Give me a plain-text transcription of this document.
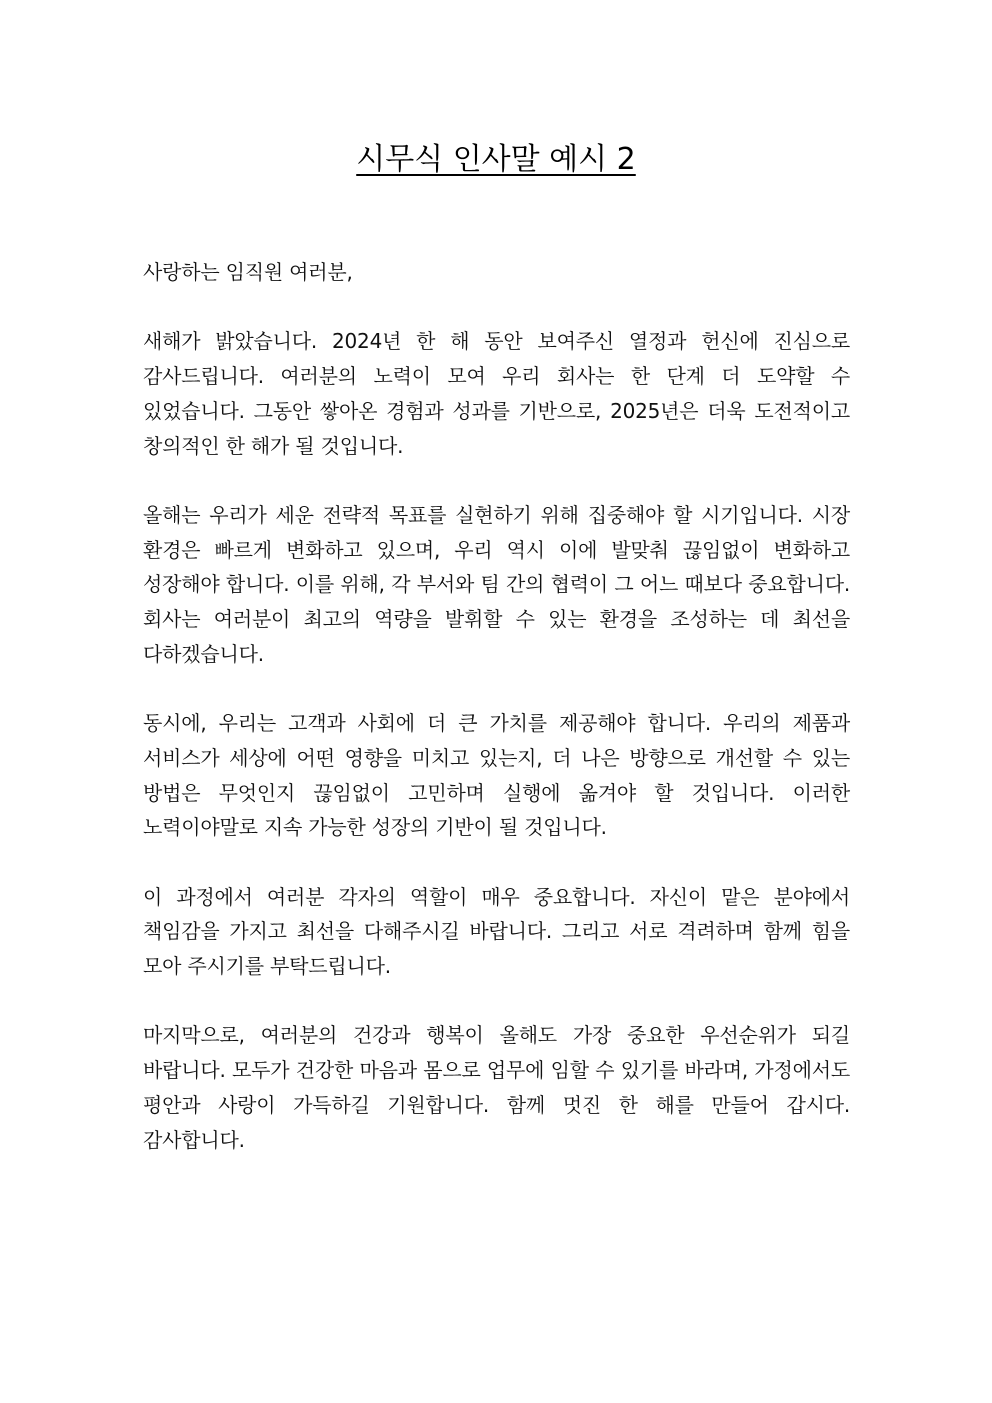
시무식 인사말 예시 2

사랑하는 임직원 여러분,

새해가 밝았습니다. 2024년 한 해 동안 보여주신 열정과 헌신에 진심으로 감사드립니다. 여러분의 노력이 모여 우리 회사는 한 단계 더 도약할 수 있었습니다. 그동안 쌓아온 경험과 성과를 기반으로, 2025년은 더욱 도전적이고 창의적인 한 해가 될 것입니다.

올해는 우리가 세운 전략적 목표를 실현하기 위해 집중해야 할 시기입니다. 시장 환경은 빠르게 변화하고 있으며, 우리 역시 이에 발맞춰 끊임없이 변화하고 성장해야 합니다. 이를 위해, 각 부서와 팀 간의 협력이 그 어느 때보다 중요합니다. 회사는 여러분이 최고의 역량을 발휘할 수 있는 환경을 조성하는 데 최선을 다하겠습니다.

동시에, 우리는 고객과 사회에 더 큰 가치를 제공해야 합니다. 우리의 제품과 서비스가 세상에 어떤 영향을 미치고 있는지, 더 나은 방향으로 개선할 수 있는 방법은 무엇인지 끊임없이 고민하며 실행에 옮겨야 할 것입니다. 이러한 노력이야말로 지속 가능한 성장의 기반이 될 것입니다.

이 과정에서 여러분 각자의 역할이 매우 중요합니다. 자신이 맡은 분야에서 책임감을 가지고 최선을 다해주시길 바랍니다. 그리고 서로 격려하며 함께 힘을 모아 주시기를 부탁드립니다.

마지막으로, 여러분의 건강과 행복이 올해도 가장 중요한 우선순위가 되길 바랍니다. 모두가 건강한 마음과 몸으로 업무에 임할 수 있기를 바라며, 가정에서도 평안과 사랑이 가득하길 기원합니다. 함께 멋진 한 해를 만들어 갑시다. 감사합니다.
